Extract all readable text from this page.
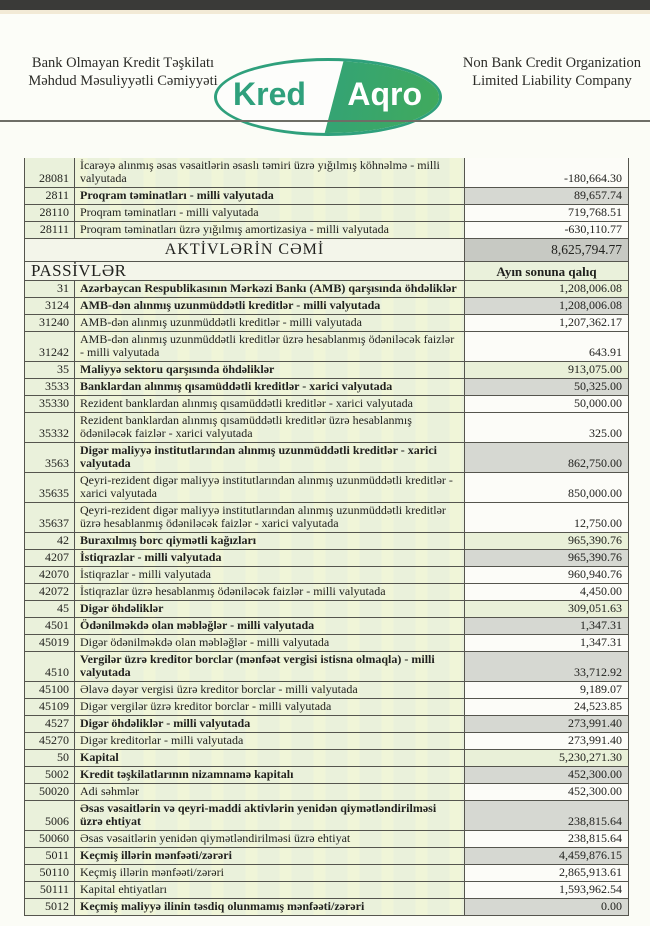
Bank Olmayan Kredit Təşkilatı
Məhdud Məsuliyyətli Cəmiyyəti Kred Aqro
Non Bank Credit Organization
Limited Liability Company
28081	İcarəyə alınmış əsas vəsaitlərin əsaslı təmiri üzrə yığılmış köhnəlmə - milli valyutada	-180,664.30
2811	Proqram təminatları - milli valyutada	89,657.74
28110	Proqram təminatları - milli valyutada	719,768.51
28111	Proqram təminatları üzrə yığılmış amortizasiya - milli valyutada	-630,110.77
AKTİVLƏRİN CƏMİ		8,625,794.77
PASSİVLƏR		Ayın sonuna qalıq
31	Azərbaycan Respublikasının Mərkəzi Bankı (AMB) qarşısında öhdəliklər	1,208,006.08
3124	AMB-dən alınmış uzunmüddətli kreditlər - milli valyutada	1,208,006.08
31240	AMB-dən alınmış uzunmüddətli kreditlər - milli valyutada	1,207,362.17
31242	AMB-dən alınmış uzunmüddətli kreditlər üzrə hesablanmış ödəniləcək faizlər - milli valyutada	643.91
35	Maliyyə sektoru qarşısında öhdəliklər	913,075.00
3533	Banklardan alınmış qısamüddətli kreditlər - xarici valyutada	50,325.00
35330	Rezident banklardan alınmış qısamüddətli kreditlər - xarici valyutada	50,000.00
35332	Rezident banklardan alınmış qısamüddətli kreditlər üzrə hesablanmış ödəniləcək faizlər - xarici valyutada	325.00
3563	Digər maliyyə institutlarından alınmış uzunmüddətli kreditlər - xarici valyutada	862,750.00
35635	Qeyri-rezident digər maliyyə institutlarından alınmış uzunmüddətli kreditlər - xarici valyutada	850,000.00
35637	Qeyri-rezident digər maliyyə institutlarından alınmış uzunmüddətli kreditlər üzrə hesablanmış ödəniləcək faizlər - xarici valyutada	12,750.00
42	Buraxılmış borc qiymətli kağızları	965,390.76
4207	İstiqrazlar - milli valyutada	965,390.76
42070	İstiqrazlar - milli valyutada	960,940.76
42072	İstiqrazlar üzrə hesablanmış ödəniləcək faizlər - milli valyutada	4,450.00
45	Digər öhdəliklər	309,051.63
4501	Ödənilməkdə olan məbləğlər - milli valyutada	1,347.31
45019	Digər ödənilməkdə olan məbləğlər - milli valyutada	1,347.31
4510	Vergilər üzrə kreditor borclar (mənfəət vergisi istisna olmaqla) - milli valyutada	33,712.92
45100	Əlavə dəyər vergisi üzrə kreditor borclar - milli valyutada	9,189.07
45109	Digər vergilər üzrə kreditor borclar - milli valyutada	24,523.85
4527	Digər öhdəliklər - milli valyutada	273,991.40
45270	Digər kreditorlar - milli valyutada	273,991.40
50	Kapital	5,230,271.30
5002	Kredit təşkilatlarının nizamnamə kapitalı	452,300.00
50020	Adi səhmlər	452,300.00
5006	Əsas vəsaitlərin və qeyri-maddi aktivlərin yenidən qiymətləndirilməsi üzrə ehtiyat	238,815.64
50060	Əsas vəsaitlərin yenidən qiymətləndirilməsi üzrə ehtiyat	238,815.64
5011	Keçmiş illərin mənfəəti/zərəri	4,459,876.15
50110	Keçmiş illərin mənfəəti/zərəri	2,865,913.61
50111	Kapital ehtiyatları	1,593,962.54
5012	Keçmiş maliyyə ilinin təsdiq olunmamış mənfəəti/zərəri	0.00
